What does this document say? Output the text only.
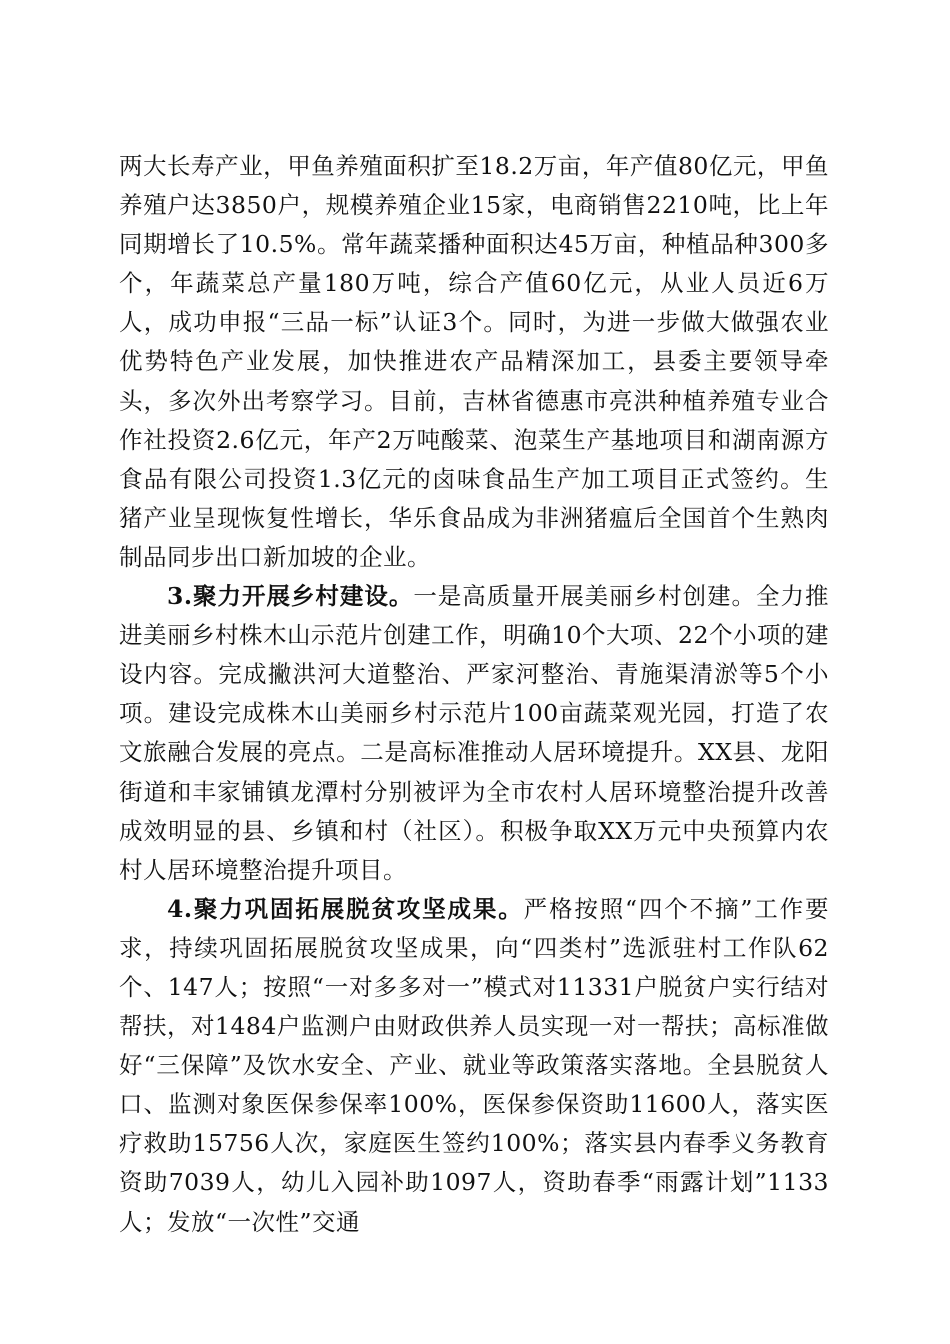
两大长寿产业，甲鱼养殖面积扩至18.2万亩，年产值80亿元，甲鱼养殖户达3850户，规模养殖企业15家，电商销售2210吨，比上年同期增长了10.5%。常年蔬菜播种面积达45万亩，种植品种300多个，年蔬菜总产量180万吨，综合产值60亿元，从业人员近6万人，成功申报“三品一标”认证3个。同时，为进一步做大做强农业优势特色产业发展，加快推进农产品精深加工，县委主要领导牵头，多次外出考察学习。目前，吉林省德惠市亮洪种植养殖专业合作社投资2.6亿元，年产2万吨酸菜、泡菜生产基地项目和湖南源方食品有限公司投资1.3亿元的卤味食品生产加工项目正式签约。生猪产业呈现恢复性增长，华乐食品成为非洲猪瘟后全国首个生熟肉制品同步出口新加坡的企业。

3.聚力开展乡村建设。一是高质量开展美丽乡村创建。全力推进美丽乡村株木山示范片创建工作，明确10个大项、22个小项的建设内容。完成撇洪河大道整治、严家河整治、青施渠清淤等5个小项。建设完成株木山美丽乡村示范片100亩蔬菜观光园，打造了农文旅融合发展的亮点。二是高标准推动人居环境提升。XX县、龙阳街道和丰家铺镇龙潭村分别被评为全市农村人居环境整治提升改善成效明显的县、乡镇和村（社区）。积极争取XX万元中央预算内农村人居环境整治提升项目。

4.聚力巩固拓展脱贫攻坚成果。严格按照“四个不摘”工作要求，持续巩固拓展脱贫攻坚成果，向“四类村”选派驻村工作队62个、147人；按照“一对多多对一”模式对11331户脱贫户实行结对帮扶，对1484户监测户由财政供养人员实现一对一帮扶；高标准做好“三保障”及饮水安全、产业、就业等政策落实落地。全县脱贫人口、监测对象医保参保率100%，医保参保资助11600人，落实医疗救助15756人次，家庭医生签约100%；落实县内春季义务教育资助7039人，幼儿入园补助1097人，资助春季“雨露计划”1133人；发放“一次性”交通
